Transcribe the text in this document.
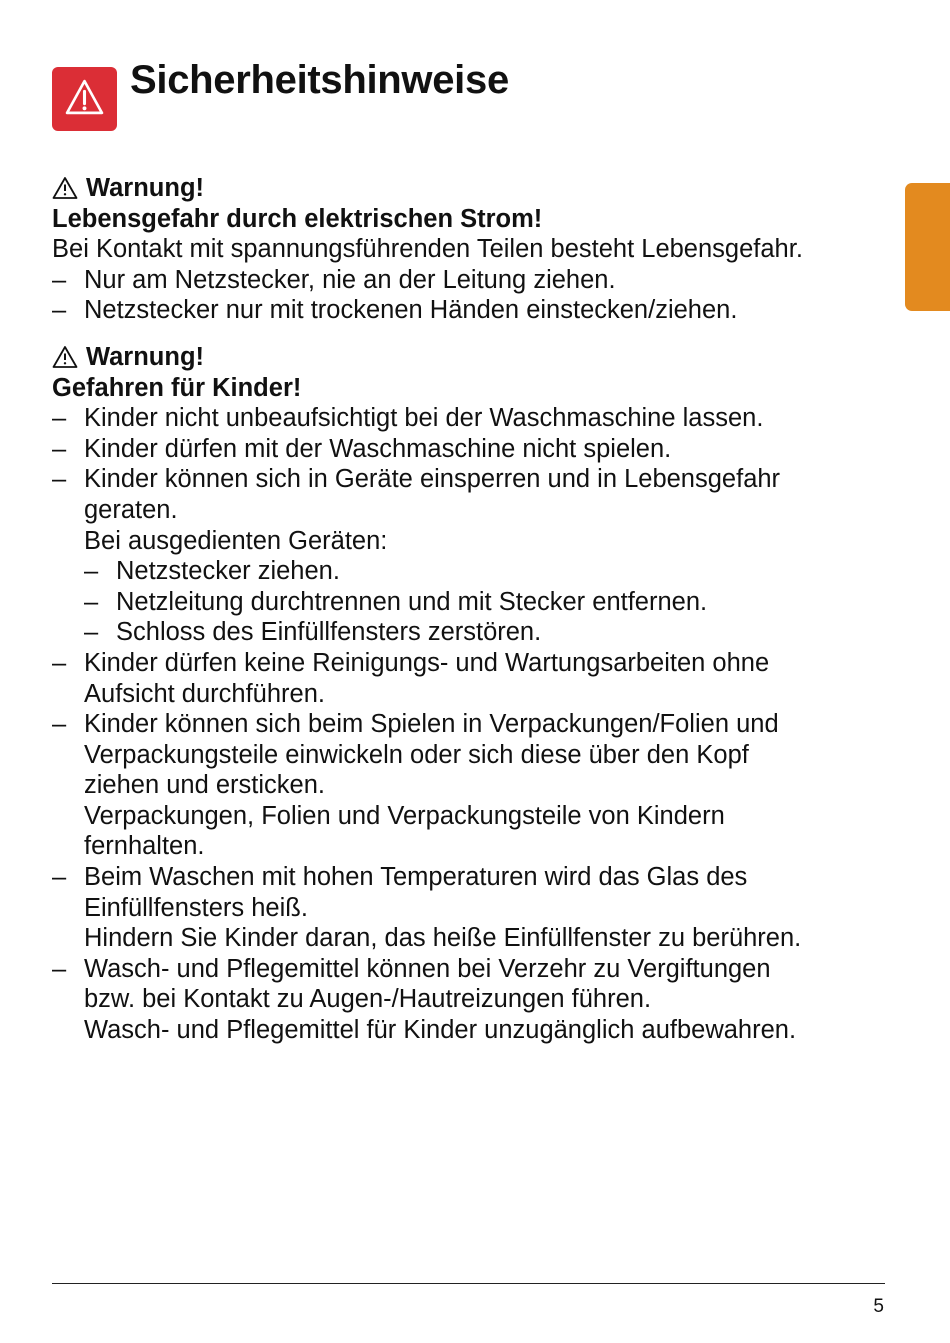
Sicherheitshinweise
Warnung!
Lebensgefahr durch elektrischen Strom!
Bei Kontakt mit spannungsführenden Teilen besteht Lebensgefahr.
– Nur am Netzstecker, nie an der Leitung ziehen.
– Netzstecker nur mit trockenen Händen einstecken/ziehen.
Warnung!
Gefahren für Kinder!
– Kinder nicht unbeaufsichtigt bei der Waschmaschine lassen.
– Kinder dürfen mit der Waschmaschine nicht spielen.
– Kinder können sich in Geräte einsperren und in Lebensgefahr
geraten.
Bei ausgedienten Geräten:
– Netzstecker ziehen.
– Netzleitung durchtrennen und mit Stecker entfernen.
– Schloss des Einfüllfensters zerstören.
– Kinder dürfen keine Reinigungs- und Wartungsarbeiten ohne
Aufsicht durchführen.
– Kinder können sich beim Spielen in Verpackungen/Folien und
Verpackungsteile einwickeln oder sich diese über den Kopf
ziehen und ersticken.
Verpackungen, Folien und Verpackungsteile von Kindern
fernhalten.
– Beim Waschen mit hohen Temperaturen wird das Glas des
Einfüllfensters heiß.
Hindern Sie Kinder daran, das heiße Einfüllfenster zu berühren.
– Wasch- und Pflegemittel können bei Verzehr zu Vergiftungen
bzw. bei Kontakt zu Augen-/Hautreizungen führen.
Wasch- und Pflegemittel für Kinder unzugänglich aufbewahren.
5
